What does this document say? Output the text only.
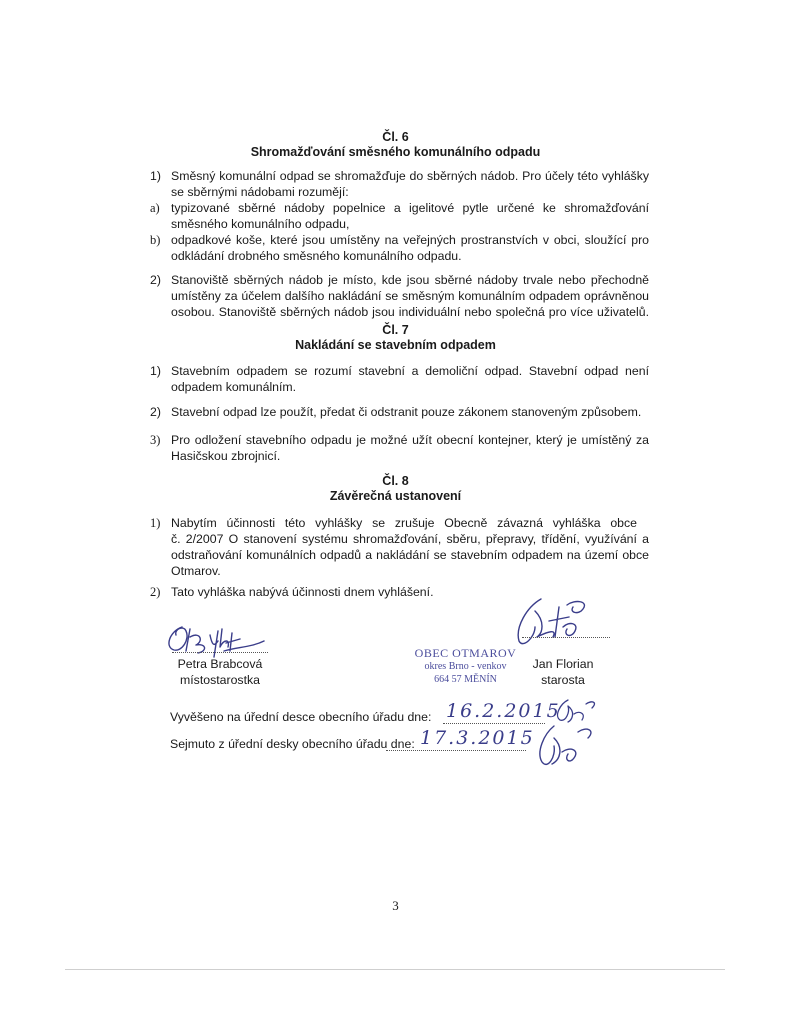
Čl. 6
Shromažďování směsného komunálního odpadu
1) Směsný komunální odpad se shromažďuje do sběrných nádob. Pro účely této vyhlášky
se sběrnými nádobami rozumějí:
a) typizované sběrné nádoby popelnice a igelitové pytle určené ke shromažďování
směsného komunálního odpadu,
b) odpadkové koše, které jsou umístěny na veřejných prostranstvích v obci, sloužící pro
odkládání drobného směsného komunálního odpadu.
2) Stanoviště sběrných nádob je místo, kde jsou sběrné nádoby trvale nebo přechodně
umístěny za účelem dalšího nakládání se směsným komunálním odpadem oprávněnou
osobou. Stanoviště sběrných nádob jsou individuální nebo společná pro více uživatelů.
Čl. 7
Nakládání se stavebním odpadem
1) Stavebním odpadem se rozumí stavební a demoliční odpad. Stavební odpad není
odpadem komunálním.
2) Stavební odpad lze použít, předat či odstranit pouze zákonem stanoveným způsobem.
3) Pro odložení stavebního odpadu je možné užít obecní kontejner, který je umístěný za
Hasičskou zbrojnicí.
Čl. 8
Závěrečná ustanovení
1) Nabytím účinnosti této vyhlášky se zrušuje Obecně závazná vyhláška obce
č. 2/2007 O stanovení systému shromažďování, sběru, přepravy, třídění, využívání a
odstraňování komunálních odpadů a nakládání se stavebním odpadem na území obce
Otmarov.
2) Tato vyhláška nabývá účinnosti dnem vyhlášení.
Petra Brabcová
místostarostka
Jan Florian
starosta
OBEC OTMAROV
okres Brno - venkov
664 57 MĚNÍN
Vyvěšeno na úřední desce obecního úřadu dne: 16.2.2015
Sejmuto z úřední desky obecního úřadu dne: 17.3.2015
3
